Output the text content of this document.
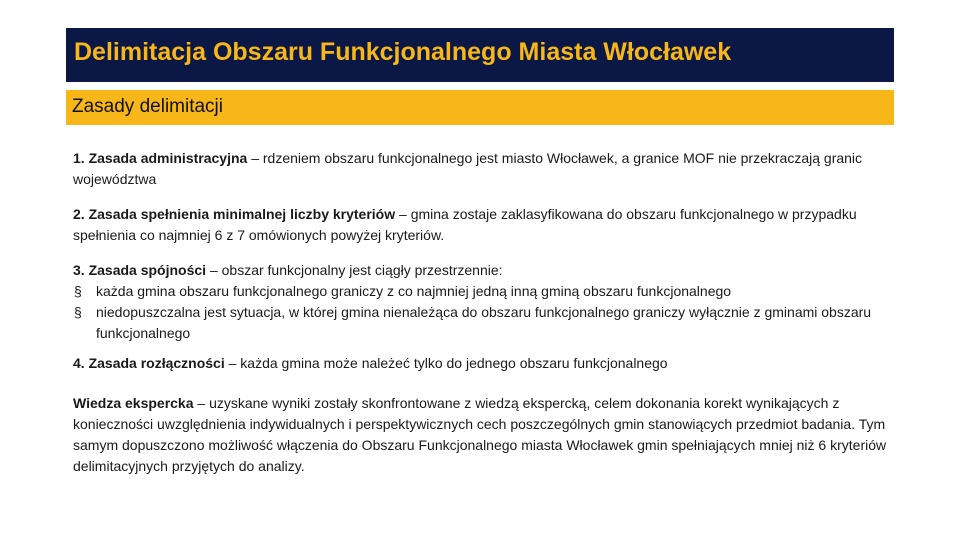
Delimitacja Obszaru Funkcjonalnego Miasta Włocławek
Zasady delimitacji

1. Zasada administracyjna – rdzeniem obszaru funkcjonalnego jest miasto Włocławek, a granice MOF nie przekraczają granic województwa

2. Zasada spełnienia minimalnej liczby kryteriów – gmina zostaje zaklasyfikowana do obszaru funkcjonalnego w przypadku spełnienia co najmniej 6 z 7 omówionych powyżej kryteriów.

3. Zasada spójności – obszar funkcjonalny jest ciągły przestrzennie:
§ każda gmina obszaru funkcjonalnego graniczy z co najmniej jedną inną gminą obszaru funkcjonalnego
§ niedopuszczalna jest sytuacja, w której gmina nienależąca do obszaru funkcjonalnego graniczy wyłącznie z gminami obszaru funkcjonalnego

4. Zasada rozłączności – każda gmina może należeć tylko do jednego obszaru funkcjonalnego

Wiedza ekspercka – uzyskane wyniki zostały skonfrontowane z wiedzą ekspercką, celem dokonania korekt wynikających z konieczności uwzględnienia indywidualnych i perspektywicznych cech poszczególnych gmin stanowiących przedmiot badania. Tym samym dopuszczono możliwość włączenia do Obszaru Funkcjonalnego miasta Włocławek gmin spełniających mniej niż 6 kryteriów delimitacyjnych przyjętych do analizy.
